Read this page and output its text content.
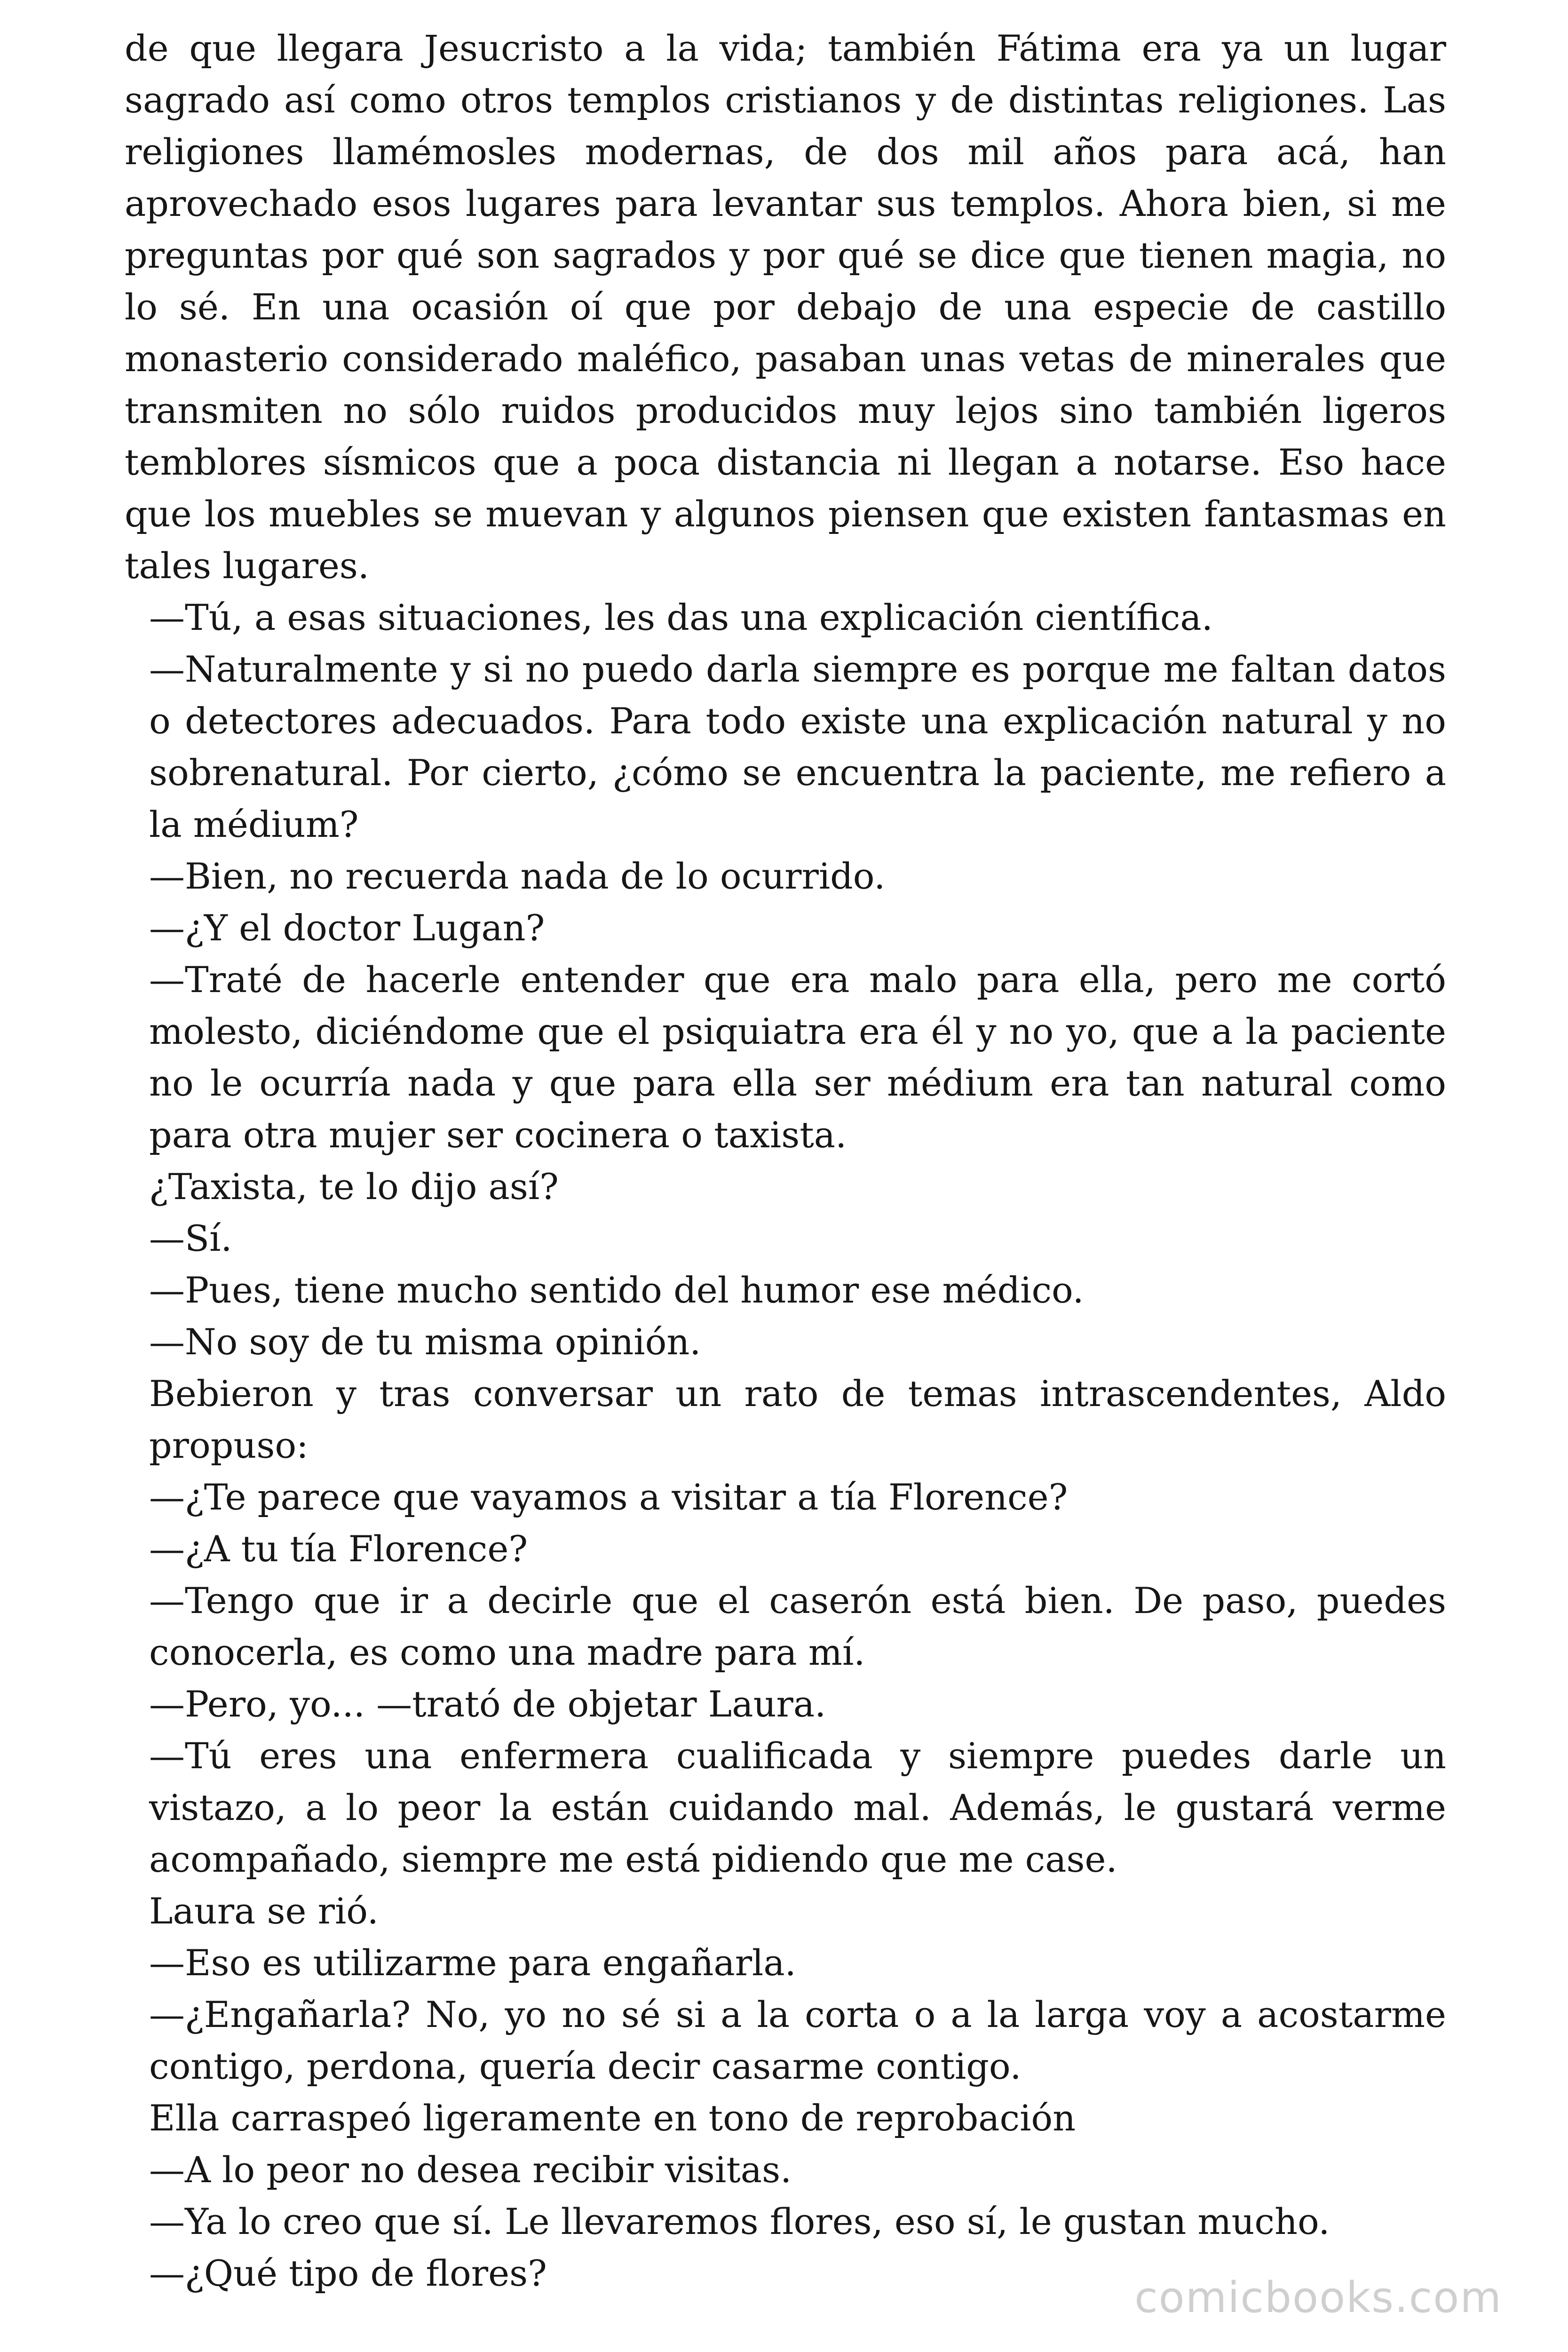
de que llegara Jesucristo a la vida; también Fátima era ya un lugar sagrado así como otros templos cristianos y de distintas religiones. Las religiones llamémosles modernas, de dos mil años para acá, han aprovechado esos lugares para levantar sus templos. Ahora bien, si me preguntas por qué son sagrados y por qué se dice que tienen magia, no lo sé. En una ocasión oí que por debajo de una especie de castillo monasterio considerado maléfico, pasaban unas vetas de minerales que transmiten no sólo ruidos producidos muy lejos sino también ligeros temblores sísmicos que a poca distancia ni llegan a notarse. Eso hace que los muebles se muevan y algunos piensen que existen fantasmas en tales lugares.

—Tú, a esas situaciones, les das una explicación científica.

—Naturalmente y si no puedo darla siempre es porque me faltan datos o detectores adecuados. Para todo existe una explicación natural y no sobrenatural. Por cierto, ¿cómo se encuentra la paciente, me refiero a la médium?

—Bien, no recuerda nada de lo ocurrido.

—¿Y el doctor Lugan?

—Traté de hacerle entender que era malo para ella, pero me cortó molesto, diciéndome que el psiquiatra era él y no yo, que a la paciente no le ocurría nada y que para ella ser médium era tan natural como para otra mujer ser cocinera o taxista.

¿Taxista, te lo dijo así?

—Sí.

—Pues, tiene mucho sentido del humor ese médico.

—No soy de tu misma opinión.

Bebieron y tras conversar un rato de temas intrascendentes, Aldo propuso:

—¿Te parece que vayamos a visitar a tía Florence?

—¿A tu tía Florence?

—Tengo que ir a decirle que el caserón está bien. De paso, puedes conocerla, es como una madre para mí.

—Pero, yo... —trató de objetar Laura.

—Tú eres una enfermera cualificada y siempre puedes darle un vistazo, a lo peor la están cuidando mal. Además, le gustará verme acompañado, siempre me está pidiendo que me case.

Laura se rió.

—Eso es utilizarme para engañarla.

—¿Engañarla? No, yo no sé si a la corta o a la larga voy a acostarme contigo, perdona, quería decir casarme contigo.

Ella carraspeó ligeramente en tono de reprobación

—A lo peor no desea recibir visitas.

—Ya lo creo que sí. Le llevaremos flores, eso sí, le gustan mucho.

—¿Qué tipo de flores?	comicbooks.com
